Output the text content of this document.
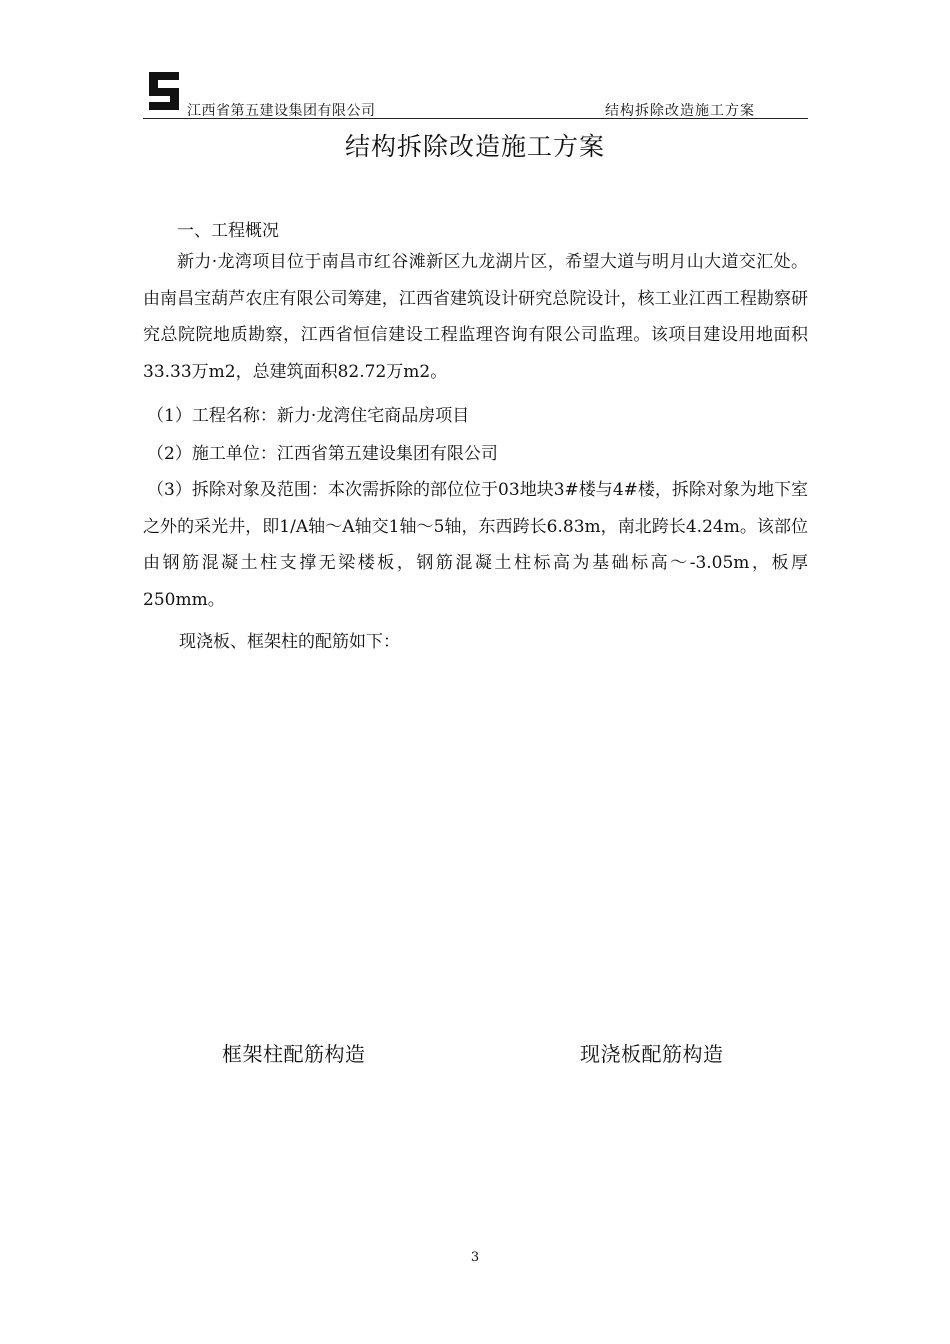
江西省第五建设集团有限公司	结构拆除改造施工方案
结构拆除改造施工方案
一、工程概况

新力·龙湾项目位于南昌市红谷滩新区九龙湖片区，希望大道与明月山大道交汇处。由南昌宝葫芦农庄有限公司筹建，江西省建筑设计研究总院设计，核工业江西工程勘察研究总院院地质勘察，江西省恒信建设工程监理咨询有限公司监理。该项目建设用地面积33.33万m2，总建筑面积82.72万m2。

（1）工程名称：新力·龙湾住宅商品房项目
（2）施工单位：江西省第五建设集团有限公司

（3）拆除对象及范围：本次需拆除的部位位于03地块3#楼与4#楼，拆除对象为地下室之外的采光井，即1/A轴～A轴交1轴～5轴，东西跨长6.83m，南北跨长4.24m。该部位由钢筋混凝土柱支撑无梁楼板，钢筋混凝土柱标高为基础标高～-3.05m，板厚250mm。

现浇板、框架柱的配筋如下：
框架柱配筋构造	现浇板配筋构造
3
